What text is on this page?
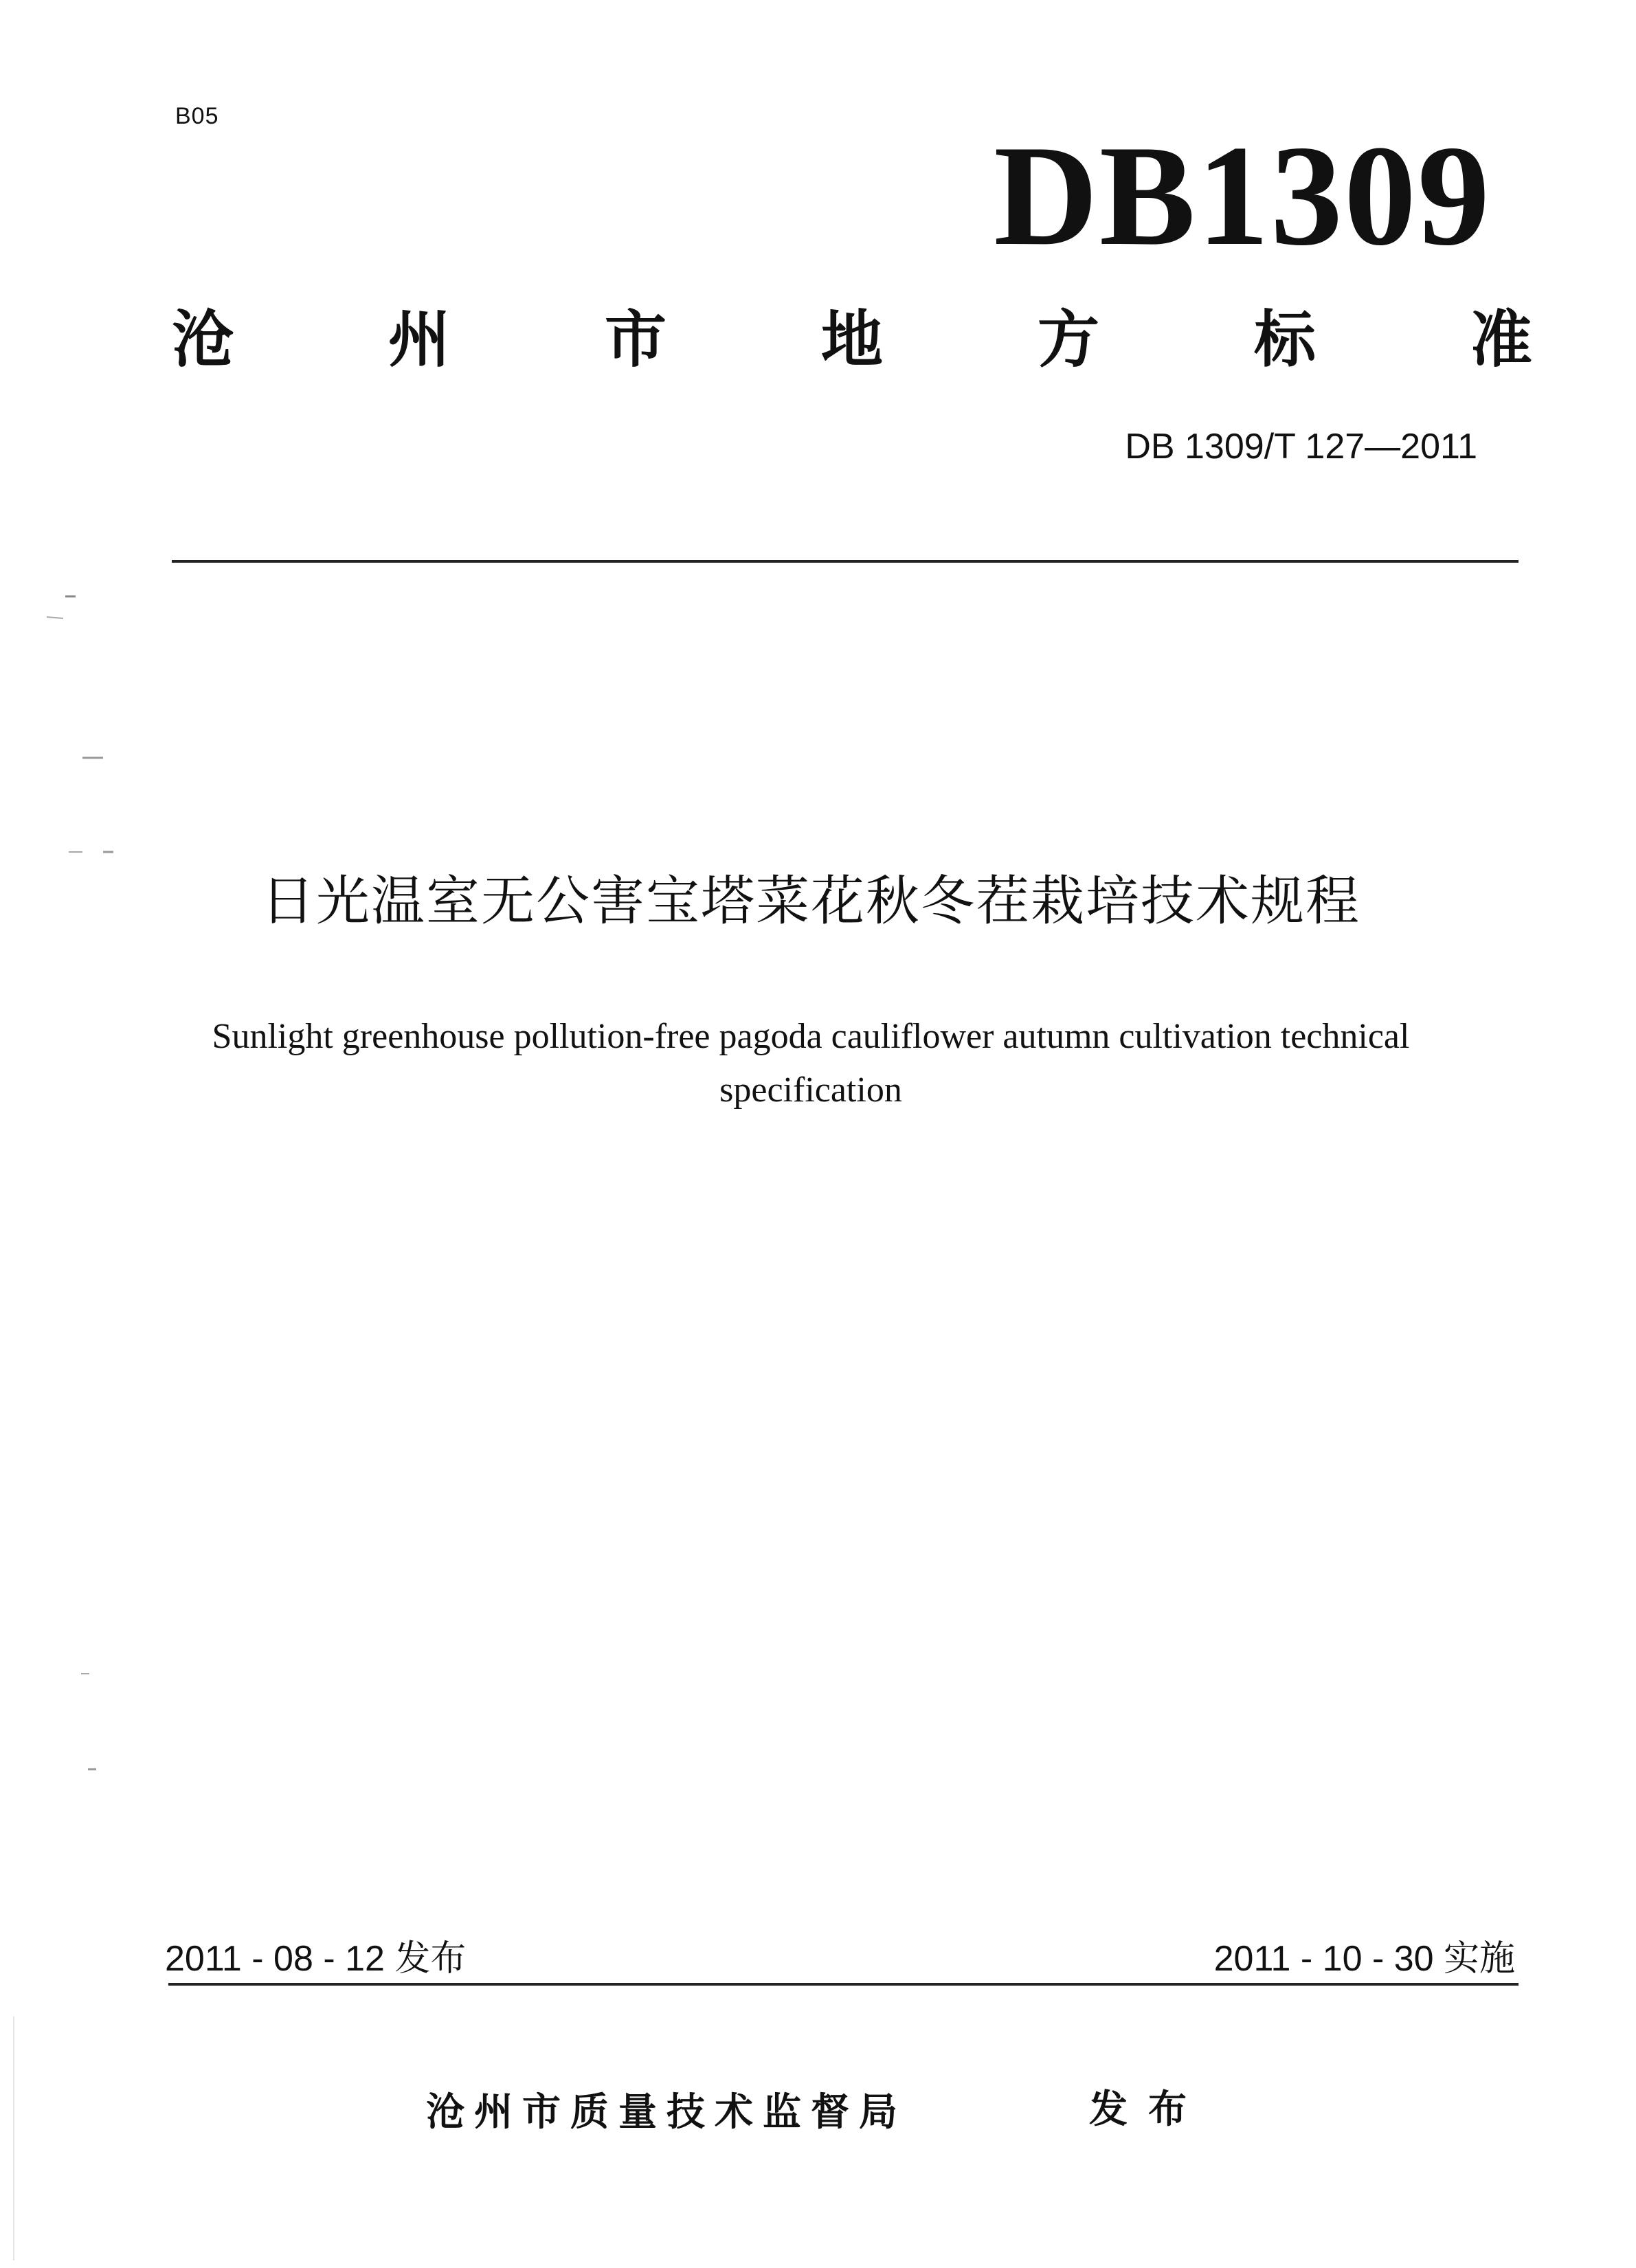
B05	DB1309
沧	州	市	地	方	标	准
DB 1309/T 127—2011
日光温室无公害宝塔菜花秋冬茬栽培技术规程
Sunlight greenhouse pollution-free pagoda cauliflower autumn cultivation technical
specification
2011 - 08 - 12 发布	2011 - 10 - 30 实施
沧州市质量技术监督局	发布
